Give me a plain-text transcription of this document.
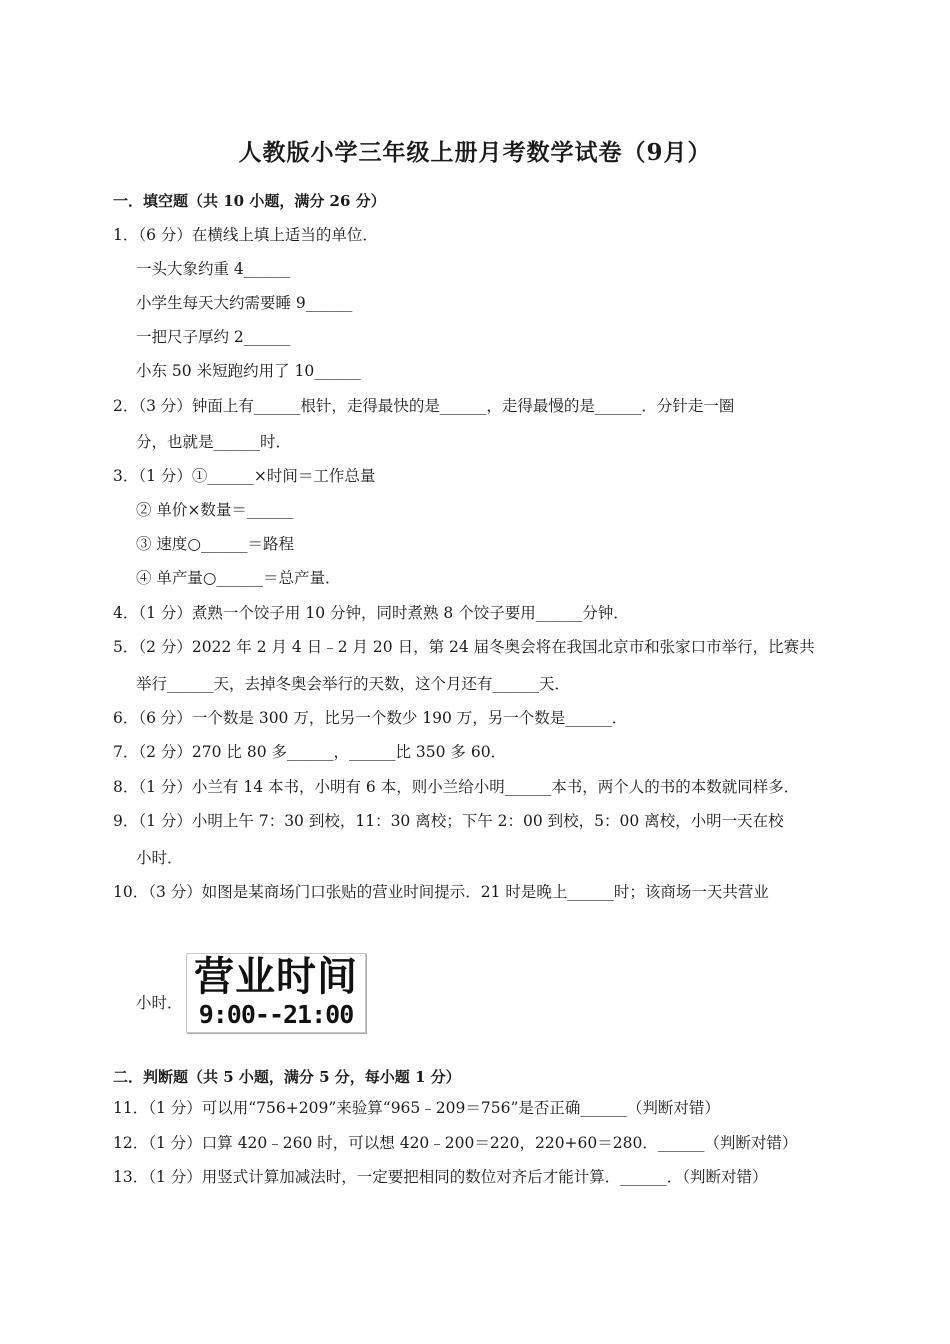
人教版小学三年级上册月考数学试卷（9月）
一．填空题（共 10 小题，满分 26 分）
1．（6 分）在横线上填上适当的单位．
一头大象约重 4______
小学生每天大约需要睡 9______
一把尺子厚约 2______
小东 50 米短跑约用了 10______
2．（3 分）钟面上有______根针，走得最快的是______，走得最慢的是______．分针走一圈
分，也就是______时．
3．（1 分）①______×时间＝工作总量
② 单价×数量＝______
③ 速度○______＝路程
④ 单产量○______＝总产量．
4．（1 分）煮熟一个饺子用 10 分钟，同时煮熟 8 个饺子要用______分钟．
5．（2 分）2022 年 2 月 4 日﹣2 月 20 日，第 24 届冬奥会将在我国北京市和张家口市举行，比赛共
举行______天，去掉冬奥会举行的天数，这个月还有______天．
6．（6 分）一个数是 300 万，比另一个数少 190 万，另一个数是______．
7．（2 分）270 比 80 多______，______比 350 多 60．
8．（1 分）小兰有 14 本书，小明有 6 本，则小兰给小明______本书，两个人的书的本数就同样多．
9．（1 分）小明上午 7：30 到校，11：30 离校；下午 2：00 到校，5：00 离校，小明一天在校
小时．
10．（3 分）如图是某商场门口张贴的营业时间提示．21 时是晚上______时；该商场一天共营业
小时．
营业时间
9:00--21:00
二．判断题（共 5 小题，满分 5 分，每小题 1 分）
11．（1 分）可以用“756+209”来验算“965﹣209＝756”是否正确______（判断对错）
12．（1 分）口算 420﹣260 时，可以想 420﹣200＝220，220+60＝280．______（判断对错）
13．（1 分）用竖式计算加减法时，一定要把相同的数位对齐后才能计算．______．（判断对错）
